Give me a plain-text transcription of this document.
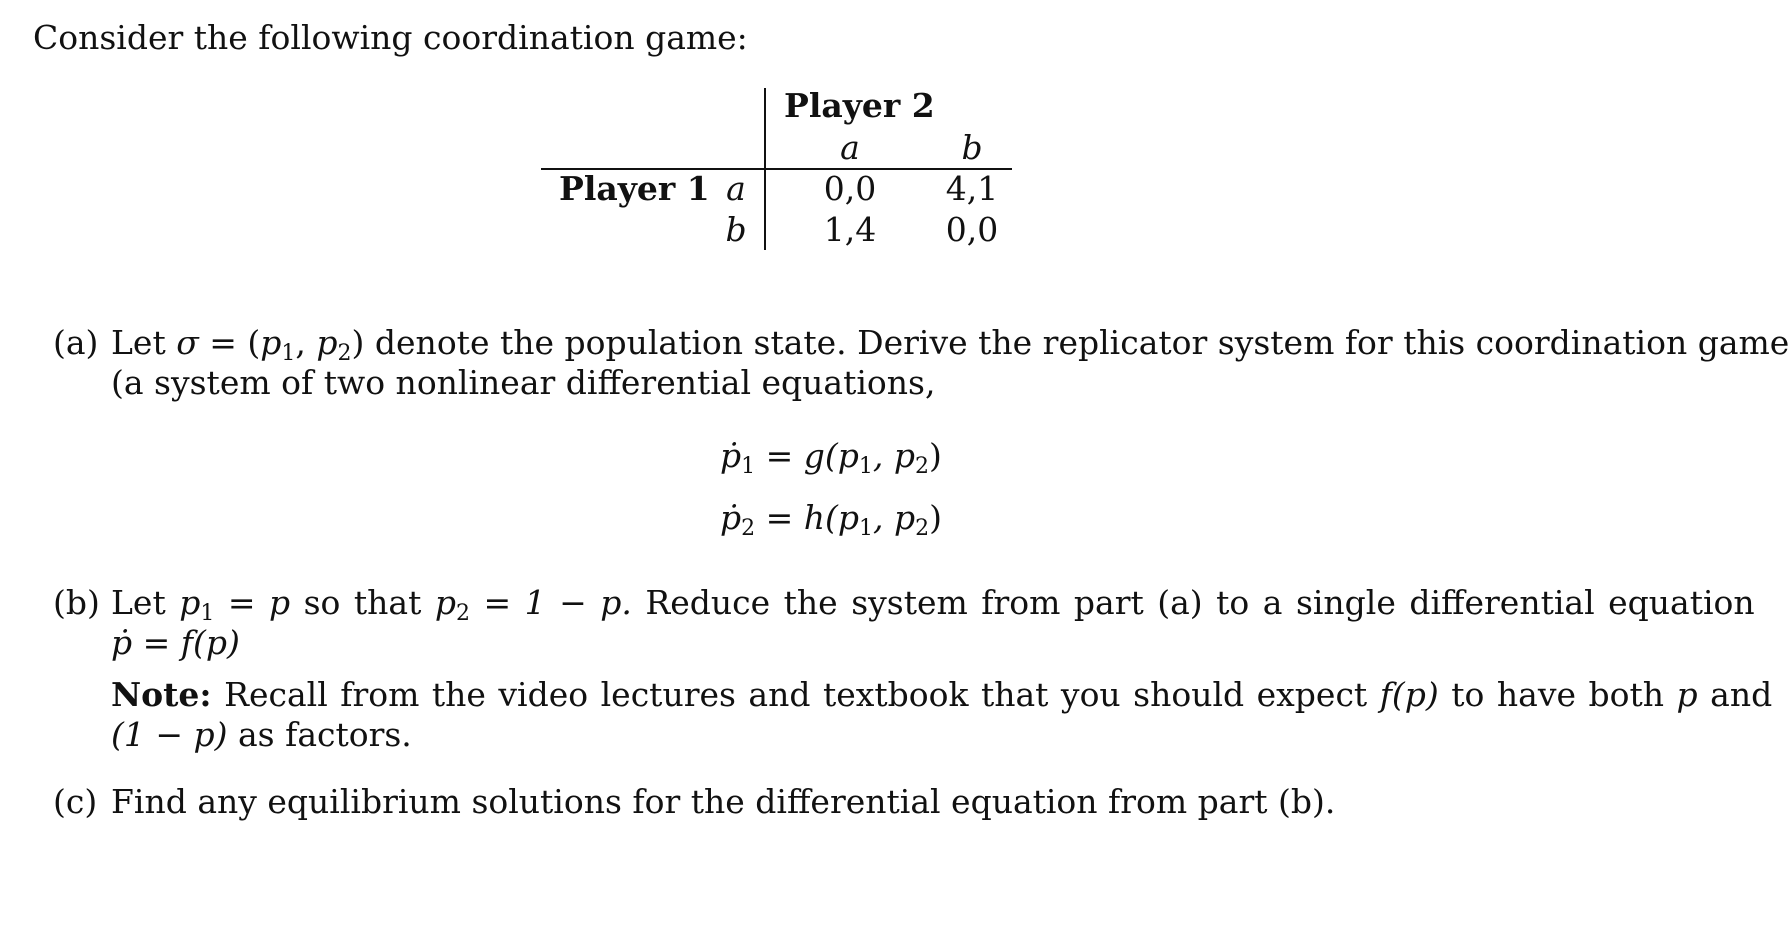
Consider the following coordination game:
Player 2
a	b
Player 1 a
b
0,0 4,1
1,4 0,0
(a) Let $\sigma = (p_1$, $p_2$) denote the population state. Derive the replicator system for this coordination game
(a system of two nonlinear differential equations,
ṗ$_1$ = $g(p_1$, $p_2$)
ṗ$_2$ = $h(p_1$, $p_2$)
(b) Let $p_1 = p$ so that $p_2 = 1 - p$. Reduce the system from part (a) to a single differential equation
ṗ = f(p)
Note: Recall from the video lectures and textbook that you should expect f(p) to have both p and
(1 − p) as factors.
(c) Find any equilibrium solutions for the differential equation from part (b).
